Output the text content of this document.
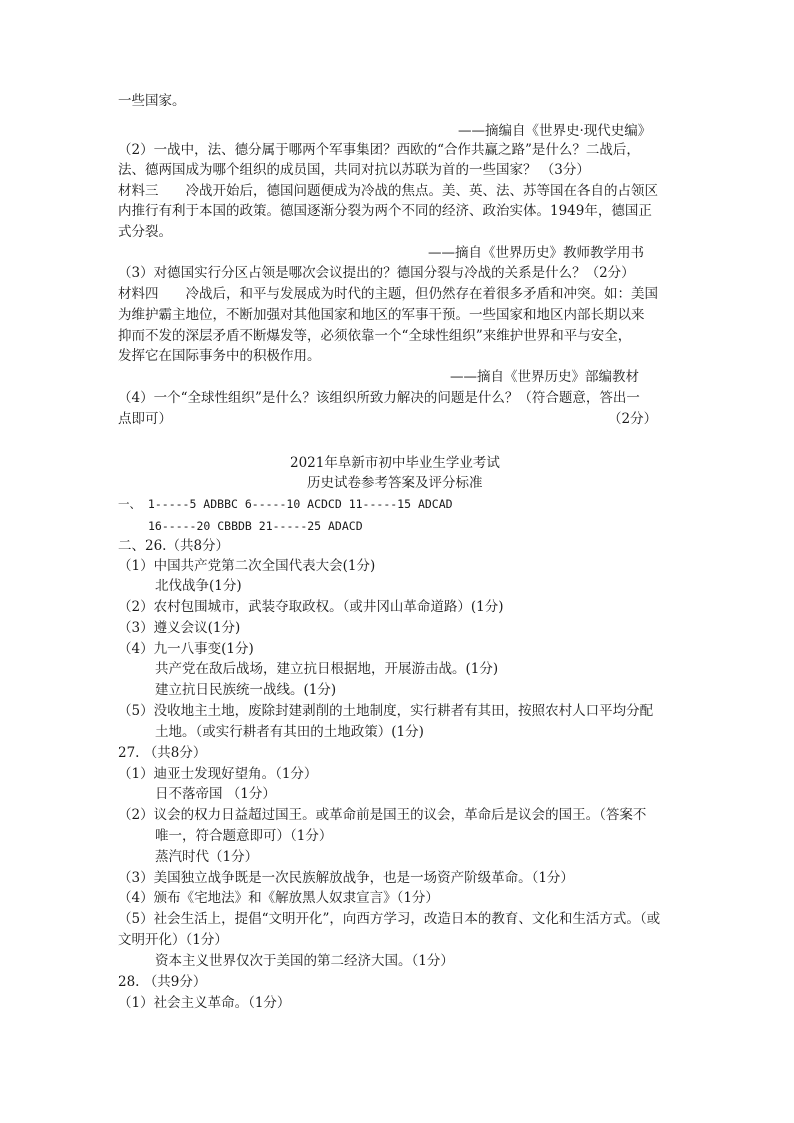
一些国家。
——摘编自《世界史·现代史编》
（2）一战中，法、德分属于哪两个军事集团？西欧的“合作共赢之路”是什么？二战后，
法、德两国成为哪个组织的成员国，共同对抗以苏联为首的一些国家？ （3分）
材料三　　冷战开始后，德国问题便成为冷战的焦点。美、英、法、苏等国在各自的占领区
内推行有利于本国的政策。德国逐渐分裂为两个不同的经济、政治实体。1949年，德国正
式分裂。
——摘自《世界历史》教师教学用书
（3）对德国实行分区占领是哪次会议提出的？德国分裂与冷战的关系是什么？（2分）
材料四　　冷战后，和平与发展成为时代的主题，但仍然存在着很多矛盾和冲突。如：美国
为维护霸主地位，不断加强对其他国家和地区的军事干预。一些国家和地区内部长期以来
抑而不发的深层矛盾不断爆发等，必须依靠一个“全球性组织”来维护世界和平与安全，
发挥它在国际事务中的积极作用。
——摘自《世界历史》部编教材
（4）一个“全球性组织”是什么？该组织所致力解决的问题是什么？（符合题意，答出一
点即可）	（2分）
2021年阜新市初中毕业生学业考试
历史试卷参考答案及评分标准
一、 1-----5 ADBBC 6-----10 ACDCD 11-----15 ADCAD
16-----20 CBBDB 21-----25 ADACD
二、26.（共8分）
（1）中国共产党第二次全国代表大会(1分)
北伐战争(1分)
（2）农村包围城市，武装夺取政权。（或井冈山革命道路）(1分)
（3）遵义会议(1分)
（4）九一八事变(1分)
共产党在敌后战场，建立抗日根据地，开展游击战。(1分)
建立抗日民族统一战线。(1分)
（5）没收地主土地，废除封建剥削的土地制度，实行耕者有其田，按照农村人口平均分配
土地。（或实行耕者有其田的土地政策）(1分)
27. （共8分）
（1）迪亚士发现好望角。（1分）
日不落帝国 （1分）
（2）议会的权力日益超过国王。或革命前是国王的议会，革命后是议会的国王。（答案不
唯一，符合题意即可）（1分）
蒸汽时代（1分）
（3）美国独立战争既是一次民族解放战争，也是一场资产阶级革命。（1分）
（4）颁布《宅地法》和《解放黑人奴隶宣言》（1分）
（5）社会生活上，提倡“文明开化”，向西方学习，改造日本的教育、文化和生活方式。（或
文明开化）（1分）
资本主义世界仅次于美国的第二经济大国。（1分）
28. （共9分）
（1）社会主义革命。（1分）
